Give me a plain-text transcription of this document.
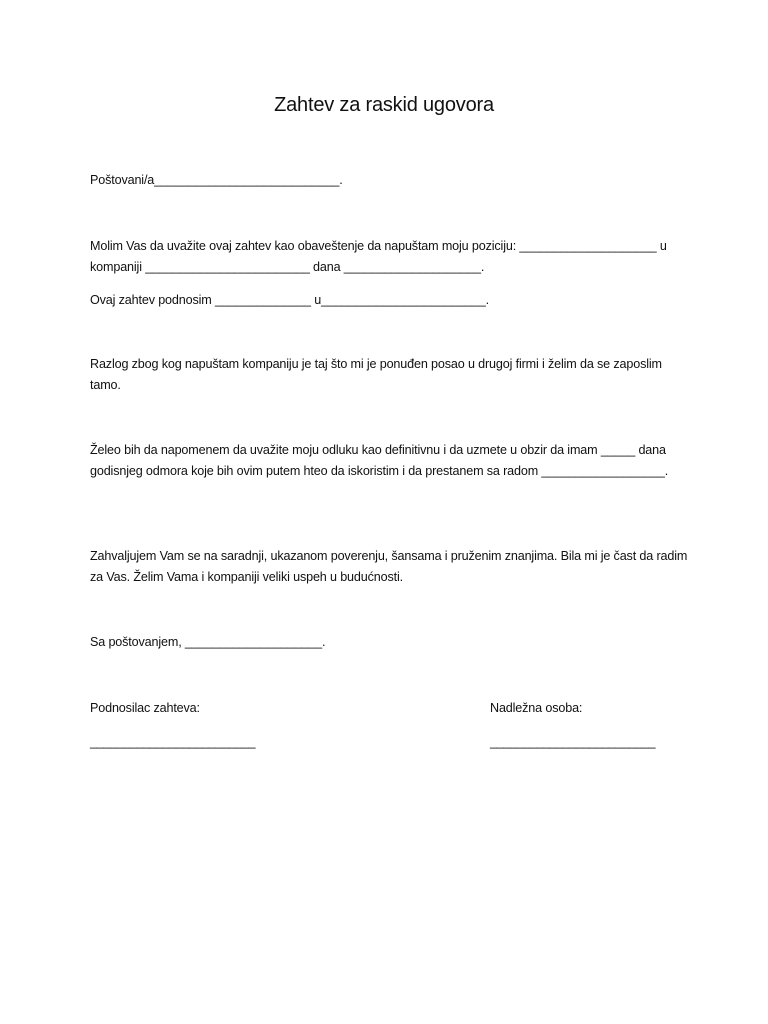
Zahtev za raskid ugovora
Poštovani/a___________________________.
Molim Vas da uvažite ovaj zahtev kao obaveštenje da napuštam moju poziciju: ____________________ u kompaniji ________________________ dana ____________________.
Ovaj zahtev podnosim ______________ u________________________.
Razlog zbog kog napuštam kompaniju je taj što mi je ponuđen posao u drugoj firmi i želim da se zaposlim tamo.
Želeo bih da napomenem da uvažite moju odluku kao definitivnu i da uzmete u obzir da imam _____ dana godisnjeg odmora koje bih ovim putem hteo da iskoristim i da prestanem sa radom __________________.
Zahvaljujem Vam se na saradnji, ukazanom poverenju, šansama i pruženim znanjima. Bila mi je čast da radim za Vas. Želim Vama i kompaniji veliki uspeh u budućnosti.
Sa poštovanjem, ____________________.
Podnosilac zahteva:
_________________________
Nadležna osoba:
_________________________
